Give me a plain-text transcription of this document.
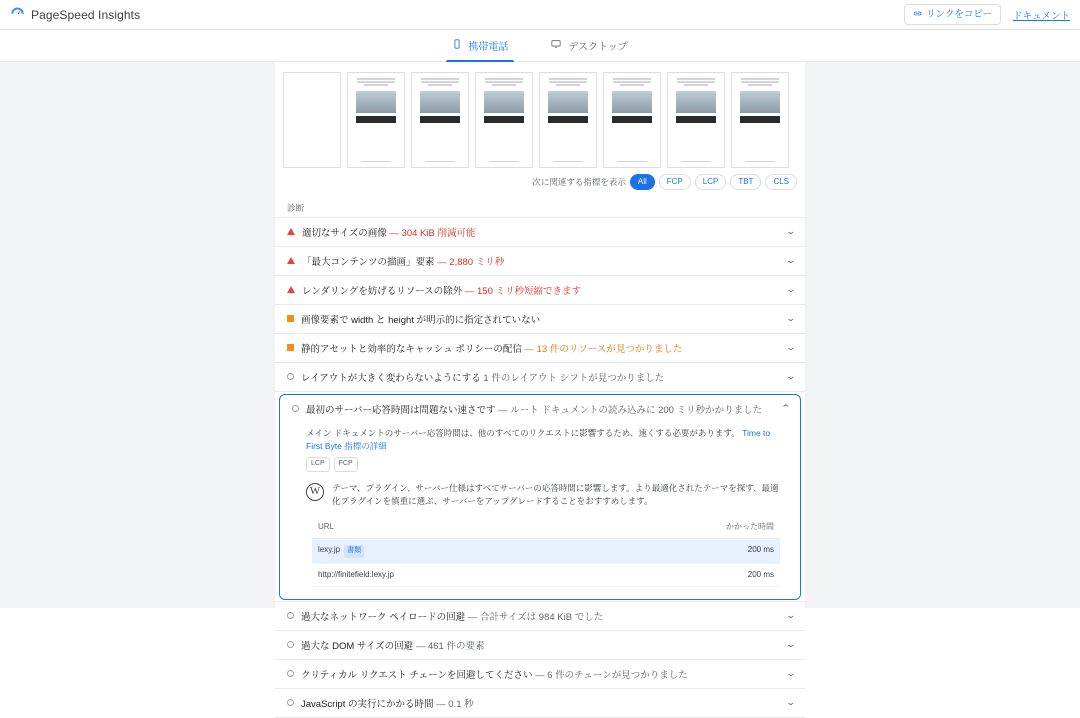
PageSpeed Insights	リンクをコピー ドキュメント
携帯電話	デスクトップ
次に関連する指標を表示	All	FCP	LCP	TBT	CLS
診断
適切なサイズの画像 — 304 KiB 削減可能	⌄
「最大コンテンツの描画」要素 — 2,880 ミリ秒	⌄
レンダリングを妨げるリソースの除外 — 150 ミリ秒短縮できます	⌄
画像要素で width と height が明示的に指定されていない	⌄
静的アセットと効率的なキャッシュ ポリシーの配信 — 13 件のリソースが見つかりました	⌄
レイアウトが大きく変わらないようにする 1 件のレイアウト シフトが見つかりました	⌄
最初のサーバー応答時間は問題ない速さです — ルート ドキュメントの読み込みに 200 ミリ秒かかりました	⌃
メイン ドキュメントのサーバー応答時間は、他のすべてのリクエストに影響するため、速くする必要があります。 Time to First Byte 指標の詳細
LCP	FCP
W	テーマ、プラグイン、サーバー仕様はすべてサーバーの応答時間に影響します。より最適化されたテーマを探す、最適化プラグインを慎重に選ぶ、サーバーをアップグレードすることをおすすめします。
URL	かかった時間
lexy.jp 書類	200 ms
http://finitefield.lexy.jp	200 ms
過大なネットワーク ペイロードの回避 — 合計サイズは 984 KiB でした	⌄
過大な DOM サイズの回避 — 461 件の要素	⌄
クリティカル リクエスト チェーンを回避してください — 6 件のチェーンが見つかりました	⌄
JavaScript の実行にかかる時間 — 0.1 秒	⌄
